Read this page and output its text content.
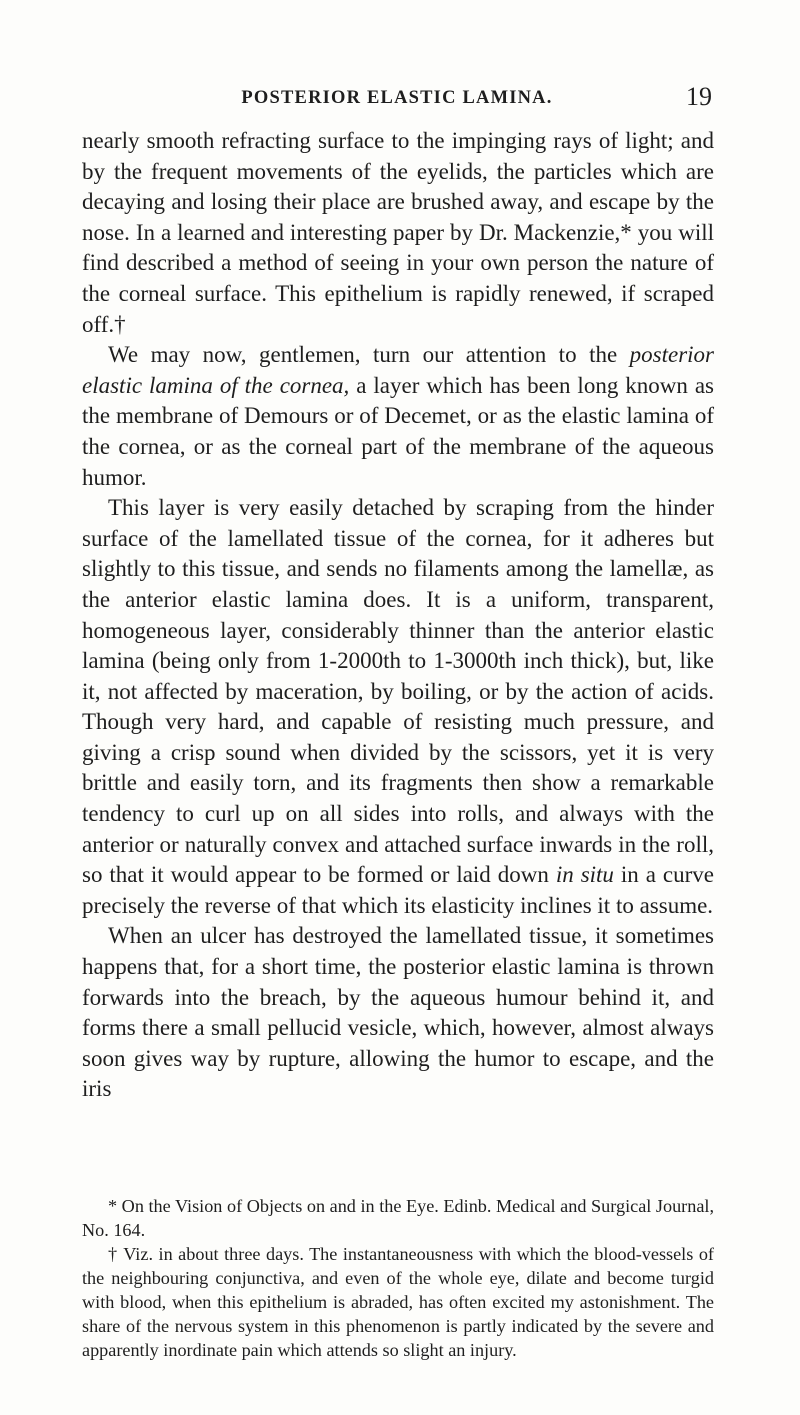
POSTERIOR ELASTIC LAMINA.	19

nearly smooth refracting surface to the impinging rays of light; and by the frequent movements of the eyelids, the particles which are decaying and losing their place are brushed away, and escape by the nose. In a learned and interesting paper by Dr. Mackenzie,* you will find described a method of seeing in your own person the nature of the corneal surface. This epithelium is rapidly renewed, if scraped off.†

We may now, gentlemen, turn our attention to the posterior elastic lamina of the cornea, a layer which has been long known as the membrane of Demours or of Decemet, or as the elastic lamina of the cornea, or as the corneal part of the membrane of the aqueous humor.

This layer is very easily detached by scraping from the hinder surface of the lamellated tissue of the cornea, for it adheres but slightly to this tissue, and sends no filaments among the lamellæ, as the anterior elastic lamina does. It is a uniform, transparent, homogeneous layer, considerably thinner than the anterior elastic lamina (being only from 1-2000th to 1-3000th inch thick), but, like it, not affected by maceration, by boiling, or by the action of acids. Though very hard, and capable of resisting much pressure, and giving a crisp sound when divided by the scissors, yet it is very brittle and easily torn, and its fragments then show a remarkable tendency to curl up on all sides into rolls, and always with the anterior or naturally convex and attached surface inwards in the roll, so that it would appear to be formed or laid down in situ in a curve precisely the reverse of that which its elasticity inclines it to assume.

When an ulcer has destroyed the lamellated tissue, it sometimes happens that, for a short time, the posterior elastic lamina is thrown forwards into the breach, by the aqueous humour behind it, and forms there a small pellucid vesicle, which, however, almost always soon gives way by rupture, allowing the humor to escape, and the iris

* On the Vision of Objects on and in the Eye. Edinb. Medical and Surgical Journal, No. 164.

† Viz. in about three days. The instantaneousness with which the blood-vessels of the neighbouring conjunctiva, and even of the whole eye, dilate and become turgid with blood, when this epithelium is abraded, has often excited my astonishment. The share of the nervous system in this phenomenon is partly indicated by the severe and apparently inordinate pain which attends so slight an injury.
